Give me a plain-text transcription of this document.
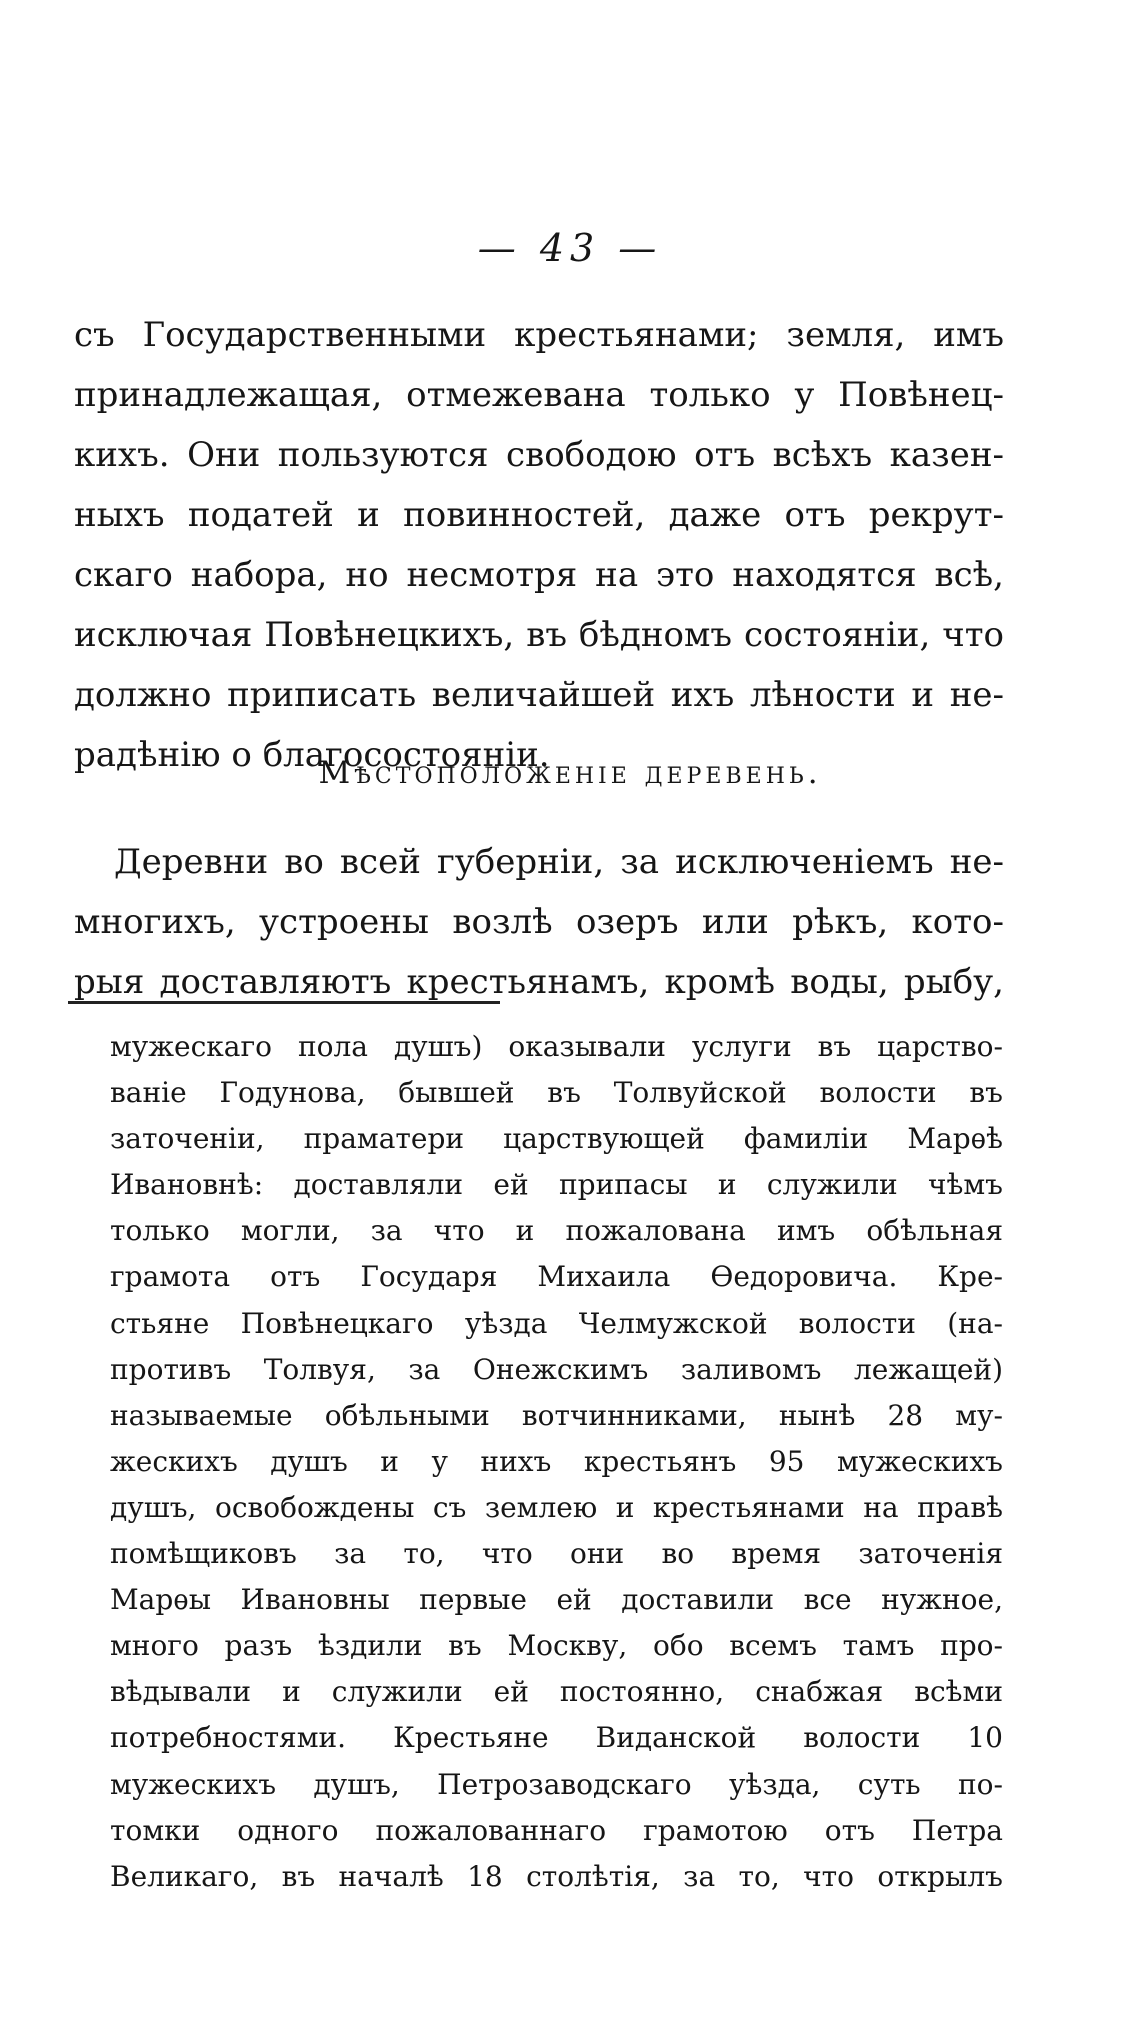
— 43 —
съ Государственными крестьянами; земля, имъ
принадлежащая, отмежевана только у Повѣнец-
кихъ. Они пользуются свободою отъ всѣхъ казен-
ныхъ податей и повинностей, даже отъ рекрут-
скаго набора, но несмотря на это находятся всѣ,
исключая Повѣнецкихъ, въ бѣдномъ состояніи, что
должно приписать величайшей ихъ лѣности и не-
радѣнію о благосостояніи.
Мѣстоположеніе деревень.
Деревни во всей губерніи, за исключеніемъ не-
многихъ, устроены возлѣ озеръ или рѣкъ, кото-
рыя доставляютъ крестьянамъ, кромѣ воды, рыбу,
мужескаго пола душъ) оказывали услуги въ царство-
ваніе Годунова, бывшей въ Толвуйской волости въ
заточеніи, праматери царствующей фамиліи Марѳѣ
Ивановнѣ: доставляли ей припасы и служили чѣмъ
только могли, за что и пожалована имъ обѣльная
грамота отъ Государя Михаила Ѳедоровича. Кре-
стьяне Повѣнецкаго уѣзда Челмужской волости (на-
противъ Толвуя, за Онежскимъ заливомъ лежащей)
называемые обѣльными вотчинниками, нынѣ 28 му-
жескихъ душъ и у нихъ крестьянъ 95 мужескихъ
душъ, освобождены съ землею и крестьянами на правѣ
помѣщиковъ за то, что они во время заточенія
Марѳы Ивановны первые ей доставили все нужное,
много разъ ѣздили въ Москву, обо всемъ тамъ про-
вѣдывали и служили ей постоянно, снабжая всѣми
потребностями. Крестьяне Виданской волости 10
мужескихъ душъ, Петрозаводскаго уѣзда, суть по-
томки одного пожалованнаго грамотою отъ Петра
Великаго, въ началѣ 18 столѣтія, за то, что открылъ
